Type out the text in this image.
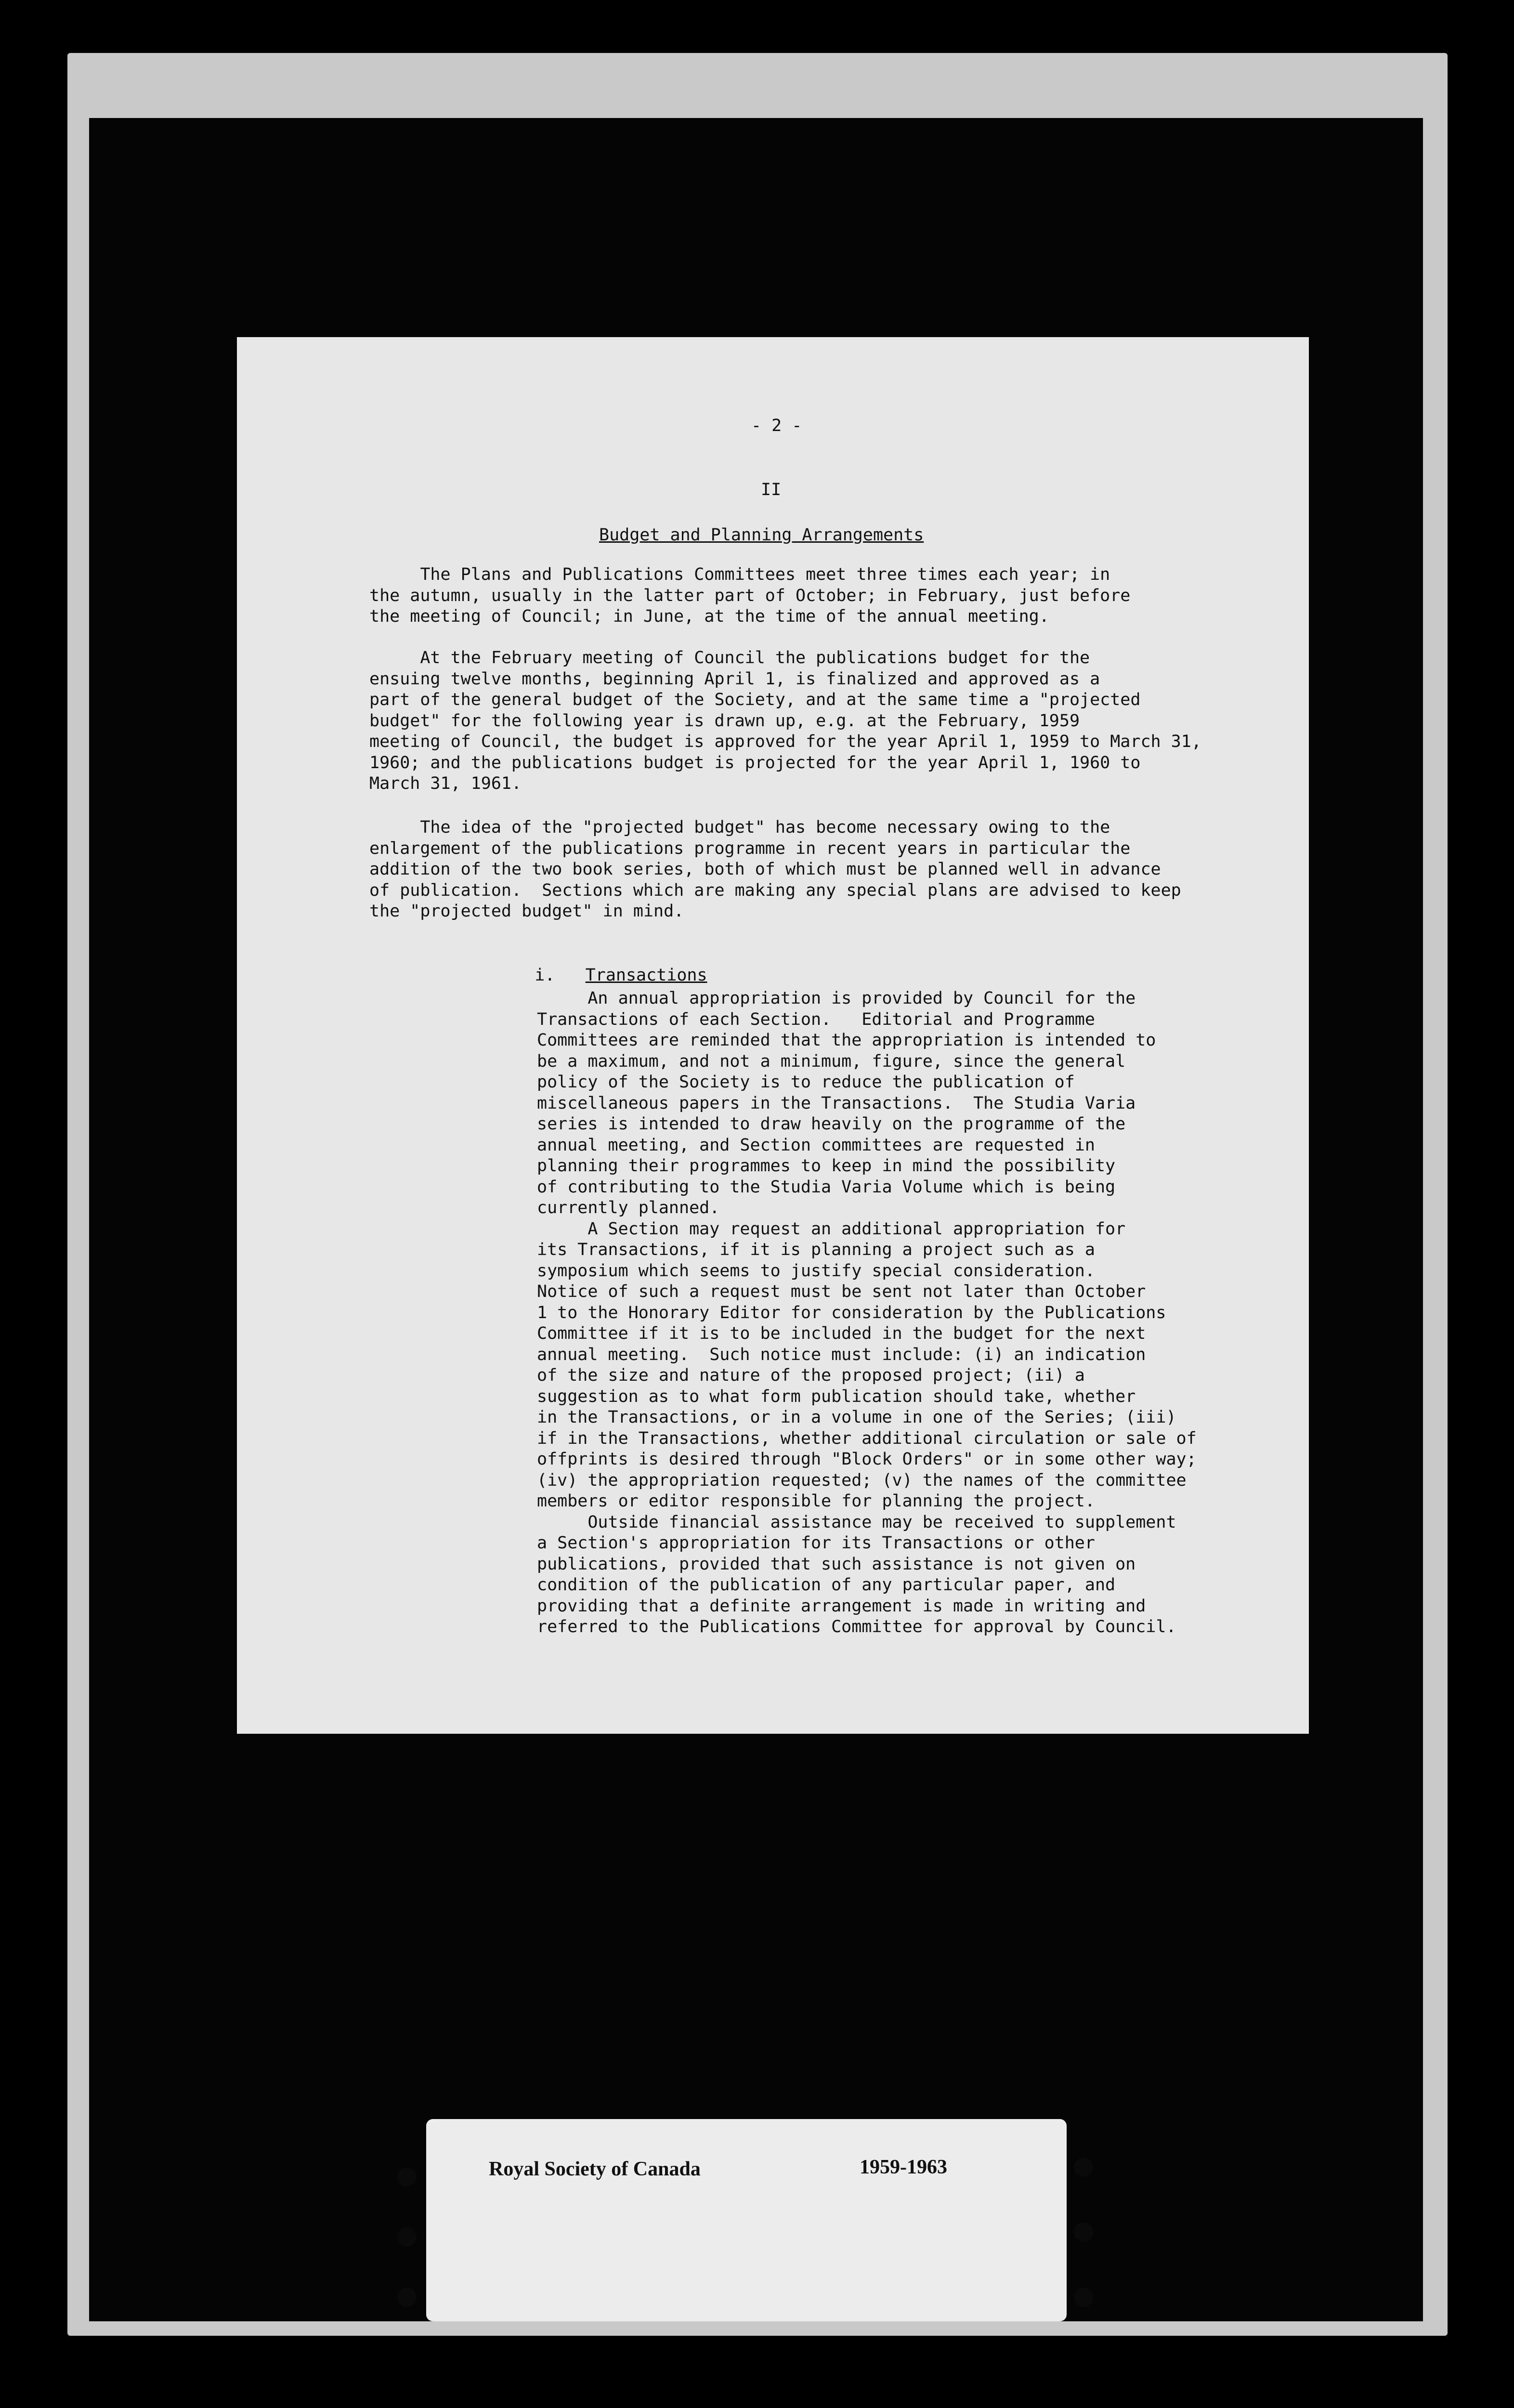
- 2 -
II
Budget and Planning Arrangements
The Plans and Publications Committees meet three times each year; in
the autumn, usually in the latter part of October; in February, just before
the meeting of Council; in June, at the time of the annual meeting.
At the February meeting of Council the publications budget for the
ensuing twelve months, beginning April 1, is finalized and approved as a
part of the general budget of the Society, and at the same time a "projected
budget" for the following year is drawn up, e.g. at the February, 1959
meeting of Council, the budget is approved for the year April 1, 1959 to March 31,
1960; and the publications budget is projected for the year April 1, 1960 to
March 31, 1961.
The idea of the "projected budget" has become necessary owing to the
enlargement of the publications programme in recent years in particular the
addition of the two book series, both of which must be planned well in advance
of publication.  Sections which are making any special plans are advised to keep
the "projected budget" in mind.

i. Transactions

An annual appropriation is provided by Council for the
Transactions of each Section.   Editorial and Programme
Committees are reminded that the appropriation is intended to
be a maximum, and not a minimum, figure, since the general
policy of the Society is to reduce the publication of
miscellaneous papers in the Transactions.  The Studia Varia
series is intended to draw heavily on the programme of the
annual meeting, and Section committees are requested in
planning their programmes to keep in mind the possibility
of contributing to the Studia Varia Volume which is being
currently planned.
A Section may request an additional appropriation for
its Transactions, if it is planning a project such as a
symposium which seems to justify special consideration.
Notice of such a request must be sent not later than October
1 to the Honorary Editor for consideration by the Publications
Committee if it is to be included in the budget for the next
annual meeting.  Such notice must include: (i) an indication
of the size and nature of the proposed project; (ii) a
suggestion as to what form publication should take, whether
in the Transactions, or in a volume in one of the Series; (iii)
if in the Transactions, whether additional circulation or sale of
offprints is desired through "Block Orders" or in some other way;
(iv) the appropriation requested; (v) the names of the committee
members or editor responsible for planning the project.
Outside financial assistance may be received to supplement
a Section's appropriation for its Transactions or other
publications, provided that such assistance is not given on
condition of the publication of any particular paper, and
providing that a definite arrangement is made in writing and
referred to the Publications Committee for approval by Council.
Royal Society of Canada	1959-1963
